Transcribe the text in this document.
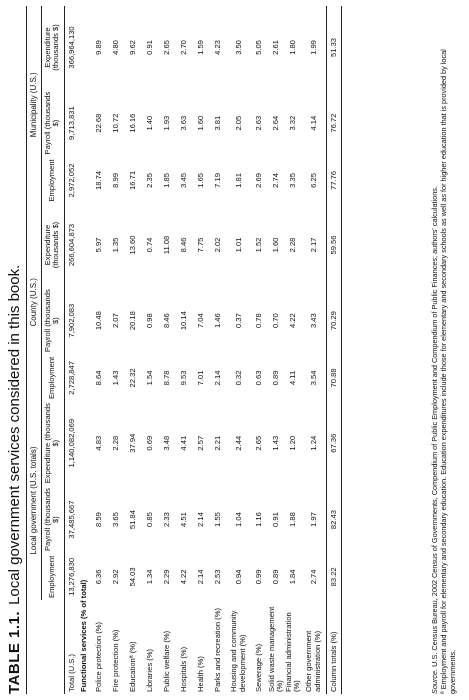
TABLE 1.1.Local government services considered in this book.
	Local government (U.S. totals)			County (U.S.)			Municipality (U.S.)		
	Employment	Payroll (thousands $)	Expenditure (thousands $)	Employment	Payroll (thousands $)	Expenditure (thousands $)	Employment	Payroll (thousands $)	Expenditure (thousands $)
Total (U.S.)	13,276,830	37,485,667	1,140,082,069	2,728,847	7,902,083	266,604,873	2,972,052	9,713,831	366,964,130
Functional services (% of total)									
Police protection (%)	6.36	8.59	4.83	8.64	10.48	5.97	18.74	22.68	9.89
Fire protection (%)	2.92	3.65	2.28	1.43	2.07	1.35	8.99	10.72	4.80
Educationª (%)	54.03	51.84	37.94	22.32	20.18	13.60	16.71	16.16	9.62
Libraries (%)	1.34	0.85	0.69	1.54	0.98	0.74	2.35	1.40	0.91
Public welfare (%)	2.29	2.33	3.48	8.78	8.46	11.08	1.85	1.93	2.65
Hospitals (%)	4.22	4.51	4.41	9.53	10.14	8.46	3.45	3.63	2.70
Health (%)	2.14	2.14	2.57	7.01	7.04	7.75	1.65	1.60	1.59
Parks and recreation (%)	2.53	1.55	2.21	2.14	1.46	2.02	7.19	3.81	4.23
Housing and community development (%)	0.94	1.04	2.44	0.32	0.37	1.01	1.81	2.05	3.50
Sewerage (%)	0.99	1.16	2.65	0.63	0.78	1.52	2.69	2.63	5.05
Solid waste management (%)	0.89	0.91	1.43	0.89	0.70	1.60	2.74	2.64	2.61
Financial administration (%)	1.84	1.88	1.20	4.11	4.22	2.28	3.35	3.32	1.80
Other government administration (%)	2.74	1.97	1.24	3.54	3.43	2.17	6.25	4.14	1.99
Column totals (%)	83.22	82.43	67.36	70.88	70.29	59.56	77.76	76.72	51.33

Source. U.S. Census Bureau, 2002 Census of Governments, Compendium of Public Employment and Compendium of Public Finances; authors' calculations. ª Employment and payroll for elementary and secondary education. Education expenditures include those for elementary and secondary schools as well as for higher education that is provided by local governments.
